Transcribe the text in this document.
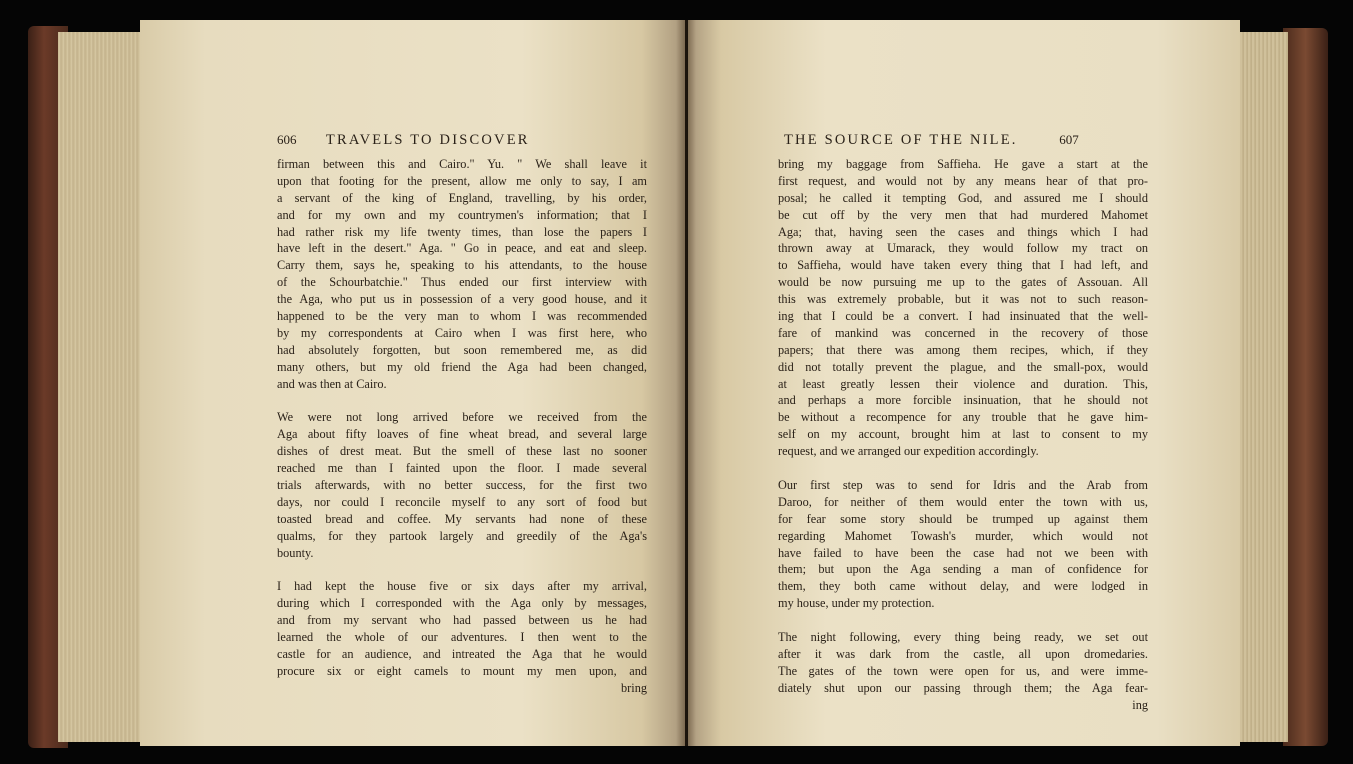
606 TRAVELS TO DISCOVER
firman between this and Cairo." Yu. " We shall leave it
upon that footing for the present, allow me only to say, I am
a servant of the king of England, travelling, by his order,
and for my own and my countrymen's information; that I
had rather risk my life twenty times, than lose the papers I
have left in the desert." Aga. " Go in peace, and eat and sleep.
Carry them, says he, speaking to his attendants, to the house
of the Schourbatchie." Thus ended our first interview with
the Aga, who put us in possession of a very good house, and it
happened to be the very man to whom I was recommended
by my correspondents at Cairo when I was first here, who
had absolutely forgotten, but soon remembered me, as did
many others, but my old friend the Aga had been changed,
and was then at Cairo.
We were not long arrived before we received from the
Aga about fifty loaves of fine wheat bread, and several large
dishes of drest meat. But the smell of these last no sooner
reached me than I fainted upon the floor. I made several
trials afterwards, with no better success, for the first two
days, nor could I reconcile myself to any sort of food but
toasted bread and coffee. My servants had none of these
qualms, for they partook largely and greedily of the Aga's
bounty.
I had kept the house five or six days after my arrival,
during which I corresponded with the Aga only by messages,
and from my servant who had passed between us he had
learned the whole of our adventures. I then went to the
castle for an audience, and intreated the Aga that he would
procure six or eight camels to mount my men upon, and
bring
THE SOURCE OF THE NILE.	607
bring my baggage from Saffieha. He gave a start at the
first request, and would not by any means hear of that pro-
posal; he called it tempting God, and assured me I should
be cut off by the very men that had murdered Mahomet
Aga; that, having seen the cases and things which I had
thrown away at Umarack, they would follow my tract on
to Saffieha, would have taken every thing that I had left, and
would be now pursuing me up to the gates of Assouan. All
this was extremely probable, but it was not to such reason-
ing that I could be a convert. I had insinuated that the well-
fare of mankind was concerned in the recovery of those
papers; that there was among them recipes, which, if they
did not totally prevent the plague, and the small-pox, would
at least greatly lessen their violence and duration. This,
and perhaps a more forcible insinuation, that he should not
be without a recompence for any trouble that he gave him-
self on my account, brought him at last to consent to my
request, and we arranged our expedition accordingly.
Our first step was to send for Idris and the Arab from
Daroo, for neither of them would enter the town with us,
for fear some story should be trumped up against them
regarding Mahomet Towash's murder, which would not
have failed to have been the case had not we been with
them; but upon the Aga sending a man of confidence for
them, they both came without delay, and were lodged in
my house, under my protection.
The night following, every thing being ready, we set out
after it was dark from the castle, all upon dromedaries.
The gates of the town were open for us, and were imme-
diately shut upon our passing through them; the Aga fear-
ing
